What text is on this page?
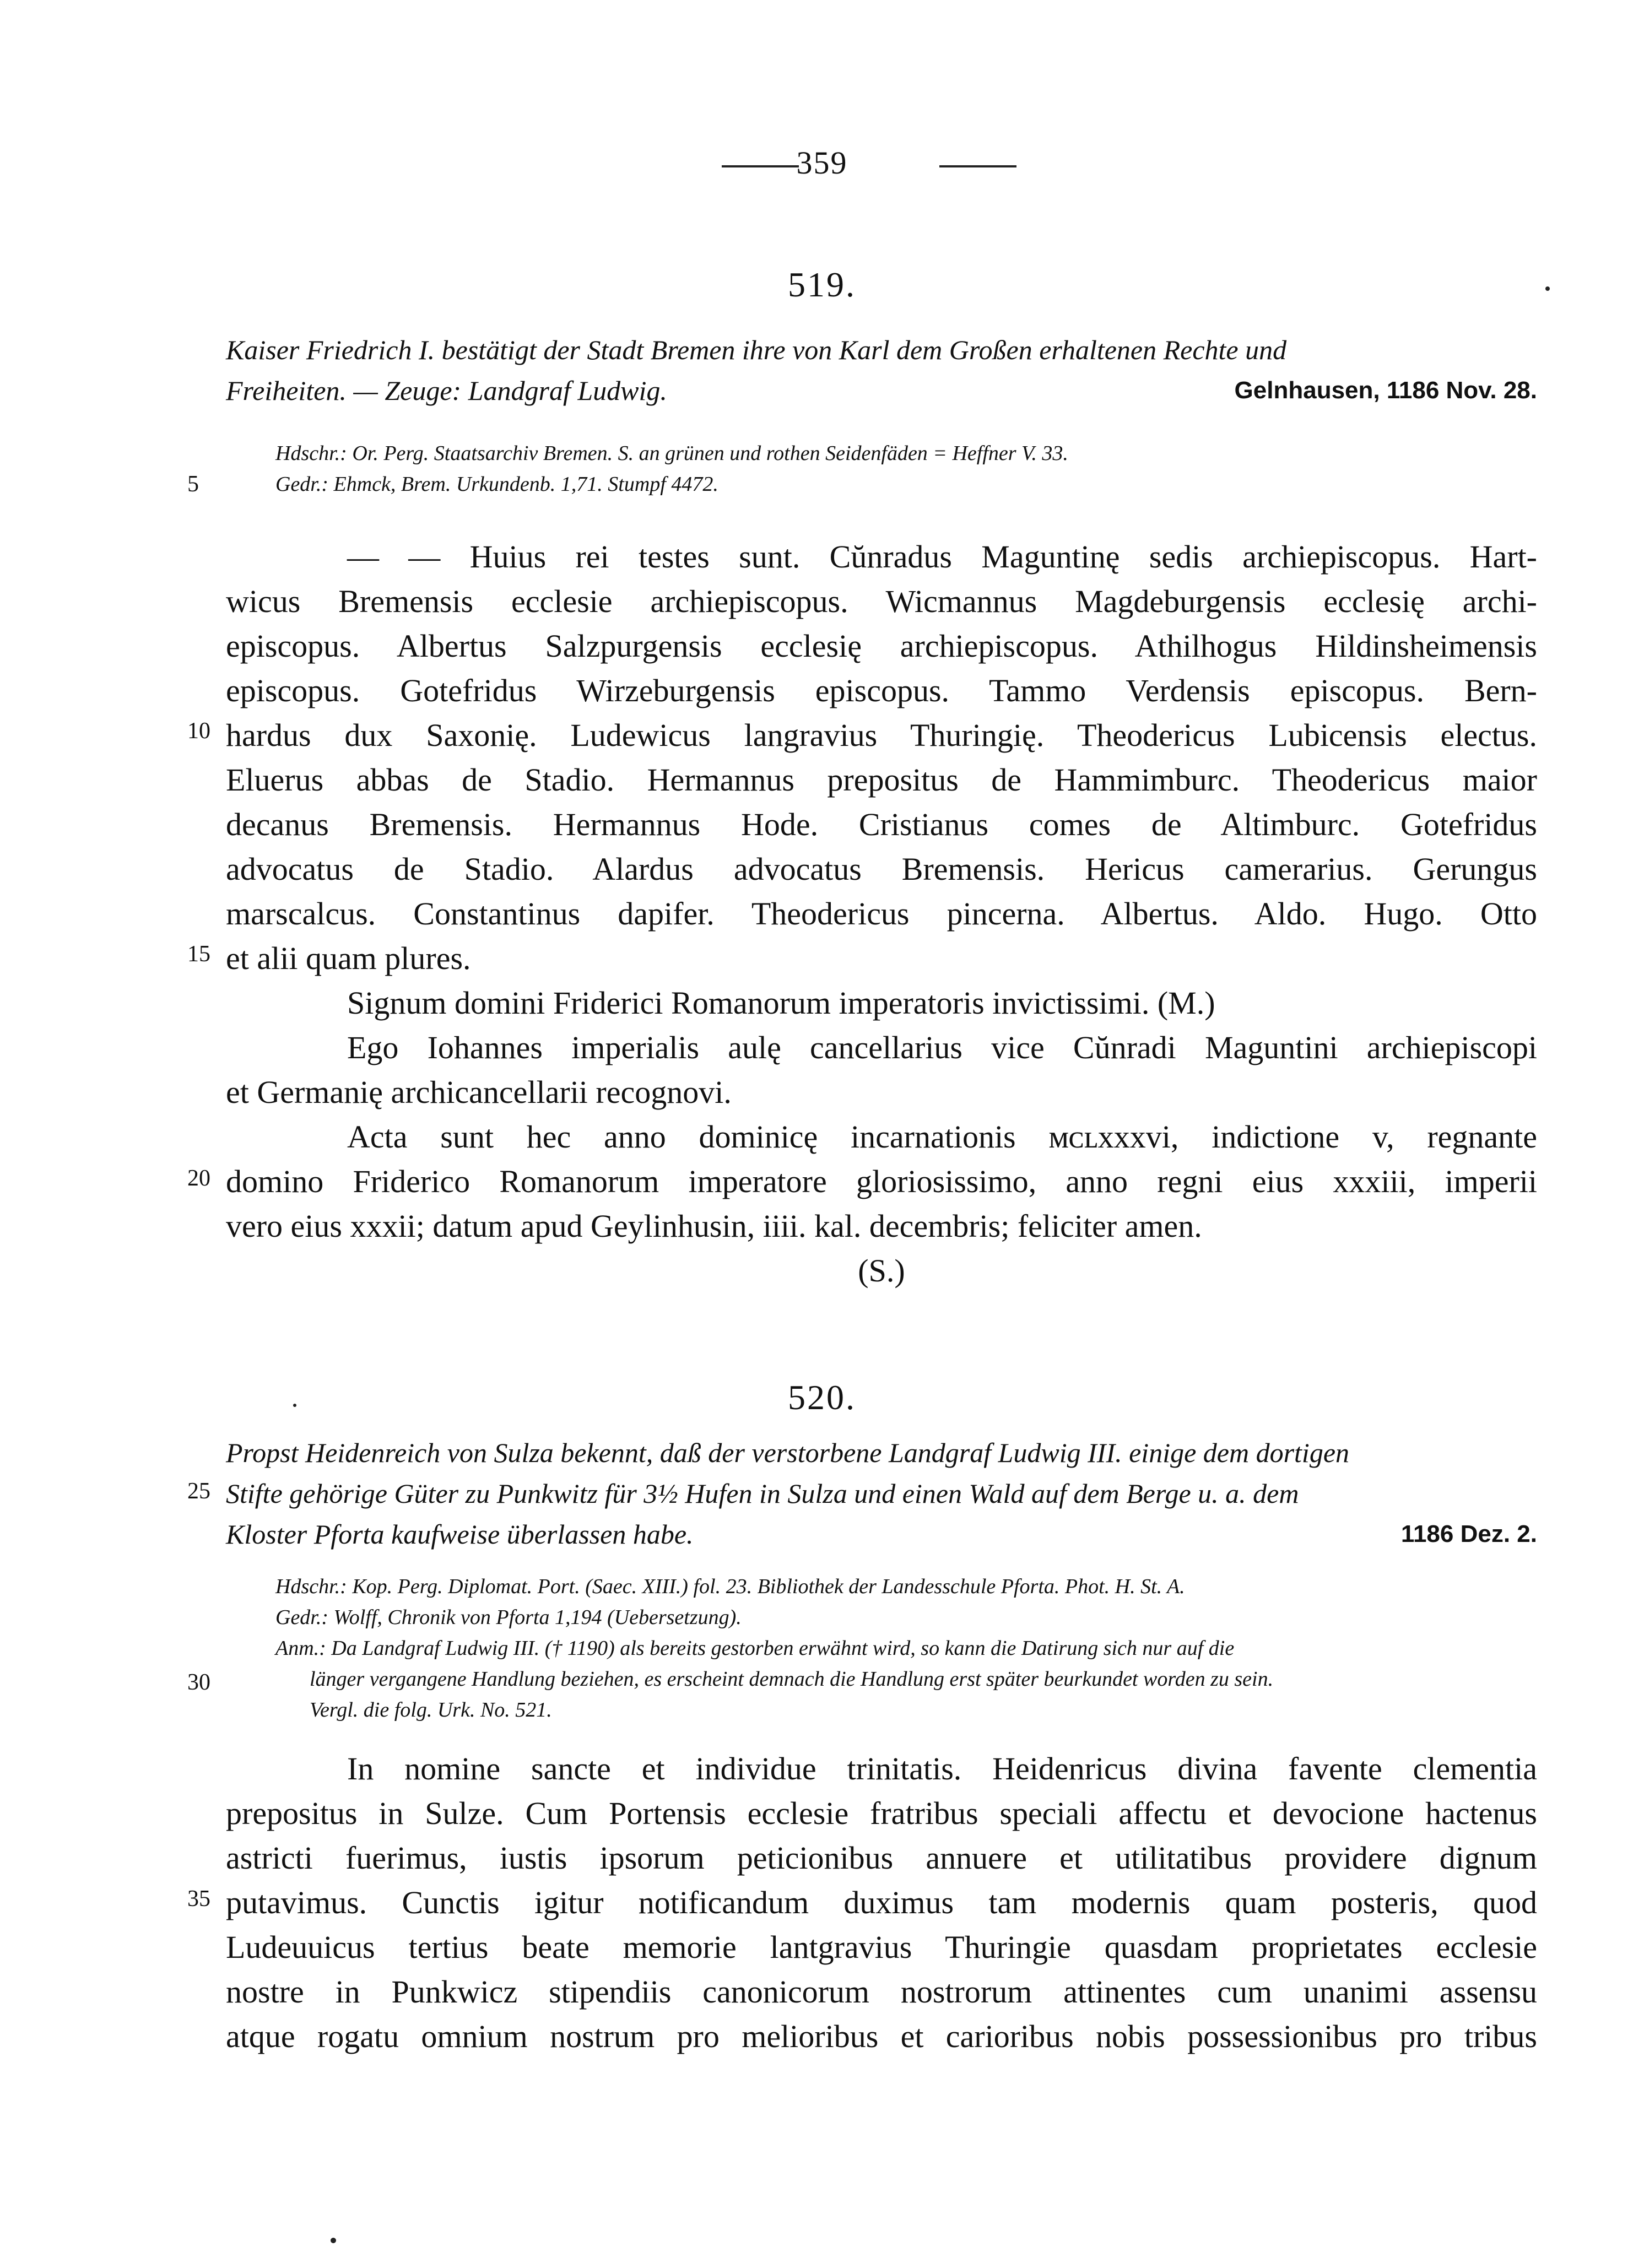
359
519.
Kaiser Friedrich I. bestätigt der Stadt Bremen ihre von Karl dem Großen erhaltenen Rechte und
Freiheiten. — Zeuge: Landgraf Ludwig.	Gelnhausen, 1186 Nov. 28.
Hdschr.: Or. Perg. Staatsarchiv Bremen. S. an grünen und rothen Seidenfäden = Heffner V. 33.
Gedr.: Ehmck, Brem. Urkundenb. 1,71. Stumpf 4472.
— — Huius rei testes sunt. Cŭnradus Maguntinę sedis archiepiscopus. Hart-
wicus Bremensis ecclesie archiepiscopus. Wicmannus Magdeburgensis ecclesię archi-
episcopus. Albertus Salzpurgensis ecclesię archiepiscopus. Athilhogus Hildinsheimensis
episcopus. Gotefridus Wirzeburgensis episcopus. Tammo Verdensis episcopus. Bern-
hardus dux Saxonię. Ludewicus langravius Thuringię. Theodericus Lubicensis electus.
Eluerus abbas de Stadio. Hermannus prepositus de Hammimburc. Theodericus maior
decanus Bremensis. Hermannus Hode. Cristianus comes de Altimburc. Gotefridus
advocatus de Stadio. Alardus advocatus Bremensis. Hericus camerarius. Gerungus
marscalcus. Constantinus dapifer. Theodericus pincerna. Albertus. Aldo. Hugo. Otto
et alii quam plures.
Signum domini Friderici Romanorum imperatoris invictissimi. (M.)
Ego Iohannes imperialis aulę cancellarius vice Cŭnradi Maguntini archiepiscopi
et Germanię archicancellarii recognovi.
Acta sunt hec anno dominicę incarnationis ᴍᴄʟxxxvi, indictione v, regnante
domino Friderico Romanorum imperatore gloriosissimo, anno regni eius xxxiii, imperii
vero eius xxxii; datum apud Geylinhusin, iiii. kal. decembris; feliciter amen.
(S.)
520.
Propst Heidenreich von Sulza bekennt, daß der verstorbene Landgraf Ludwig III. einige dem dortigen
Stifte gehörige Güter zu Punkwitz für 3½ Hufen in Sulza und einen Wald auf dem Berge u. a. dem
Kloster Pforta kaufweise überlassen habe.	1186 Dez. 2.
Hdschr.: Kop. Perg. Diplomat. Port. (Saec. XIII.) fol. 23. Bibliothek der Landesschule Pforta. Phot. H. St. A.
Gedr.: Wolff, Chronik von Pforta 1,194 (Uebersetzung).
Anm.: Da Landgraf Ludwig III. († 1190) als bereits gestorben erwähnt wird, so kann die Datirung sich nur auf die
länger vergangene Handlung beziehen, es erscheint demnach die Handlung erst später beurkundet worden zu sein.
Vergl. die folg. Urk. No. 521.
In nomine sancte et individue trinitatis. Heidenricus divina favente clementia
prepositus in Sulze. Cum Portensis ecclesie fratribus speciali affectu et devocione hactenus
astricti fuerimus, iustis ipsorum peticionibus annuere et utilitatibus providere dignum
putavimus. Cunctis igitur notificandum duximus tam modernis quam posteris, quod
Ludeuuicus tertius beate memorie lantgravius Thuringie quasdam proprietates ecclesie
nostre in Punkwicz stipendiis canonicorum nostrorum attinentes cum unanimi assensu
atque rogatu omnium nostrum pro melioribus et carioribus nobis possessionibus pro tribus
5
10
15
20
25
30
35
